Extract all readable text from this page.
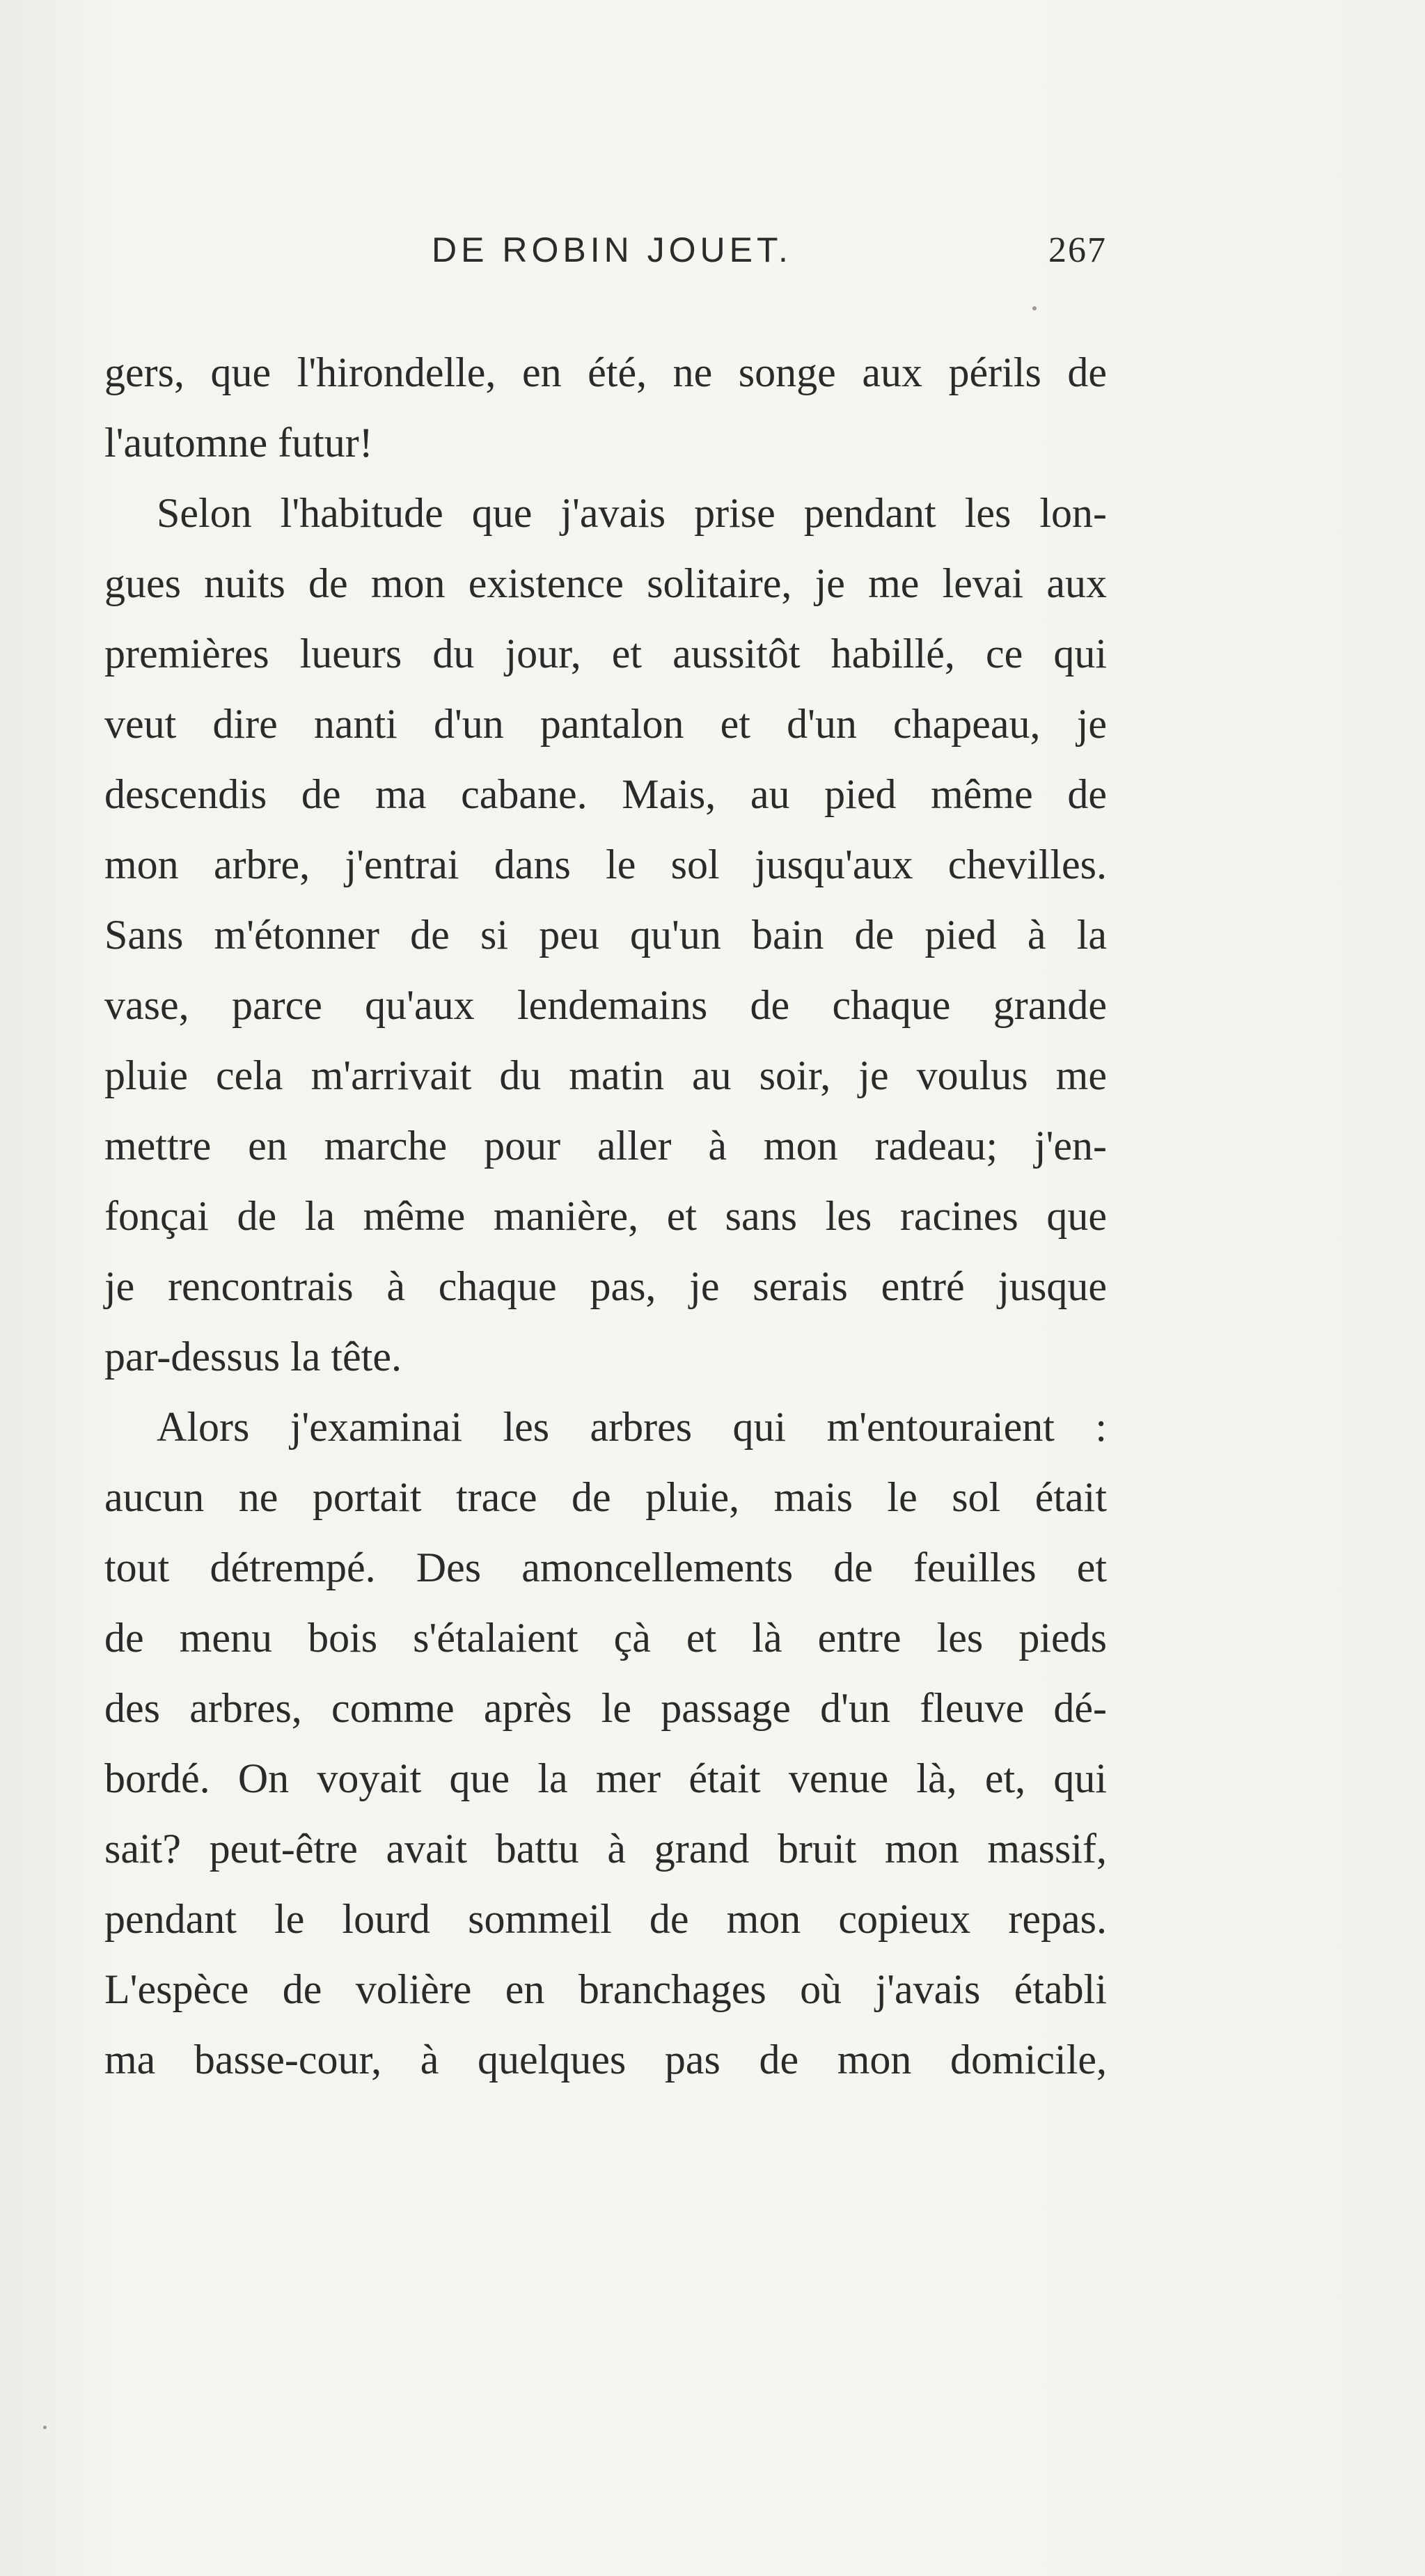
DE ROBIN JOUET.	267
gers, que l'hirondelle, en été, ne songe aux périls de
l'automne futur!
Selon l'habitude que j'avais prise pendant les lon-
gues nuits de mon existence solitaire, je me levai aux
premières lueurs du jour, et aussitôt habillé, ce qui
veut dire nanti d'un pantalon et d'un chapeau, je
descendis de ma cabane. Mais, au pied même de
mon arbre, j'entrai dans le sol jusqu'aux chevilles.
Sans m'étonner de si peu qu'un bain de pied à la
vase, parce qu'aux lendemains de chaque grande
pluie cela m'arrivait du matin au soir, je voulus me
mettre en marche pour aller à mon radeau; j'en-
fonçai de la même manière, et sans les racines que
je rencontrais à chaque pas, je serais entré jusque
par-dessus la tête.
Alors j'examinai les arbres qui m'entouraient :
aucun ne portait trace de pluie, mais le sol était
tout détrempé. Des amoncellements de feuilles et
de menu bois s'étalaient çà et là entre les pieds
des arbres, comme après le passage d'un fleuve dé-
bordé. On voyait que la mer était venue là, et, qui
sait? peut-être avait battu à grand bruit mon massif,
pendant le lourd sommeil de mon copieux repas.
L'espèce de volière en branchages où j'avais établi
ma basse-cour, à quelques pas de mon domicile,
